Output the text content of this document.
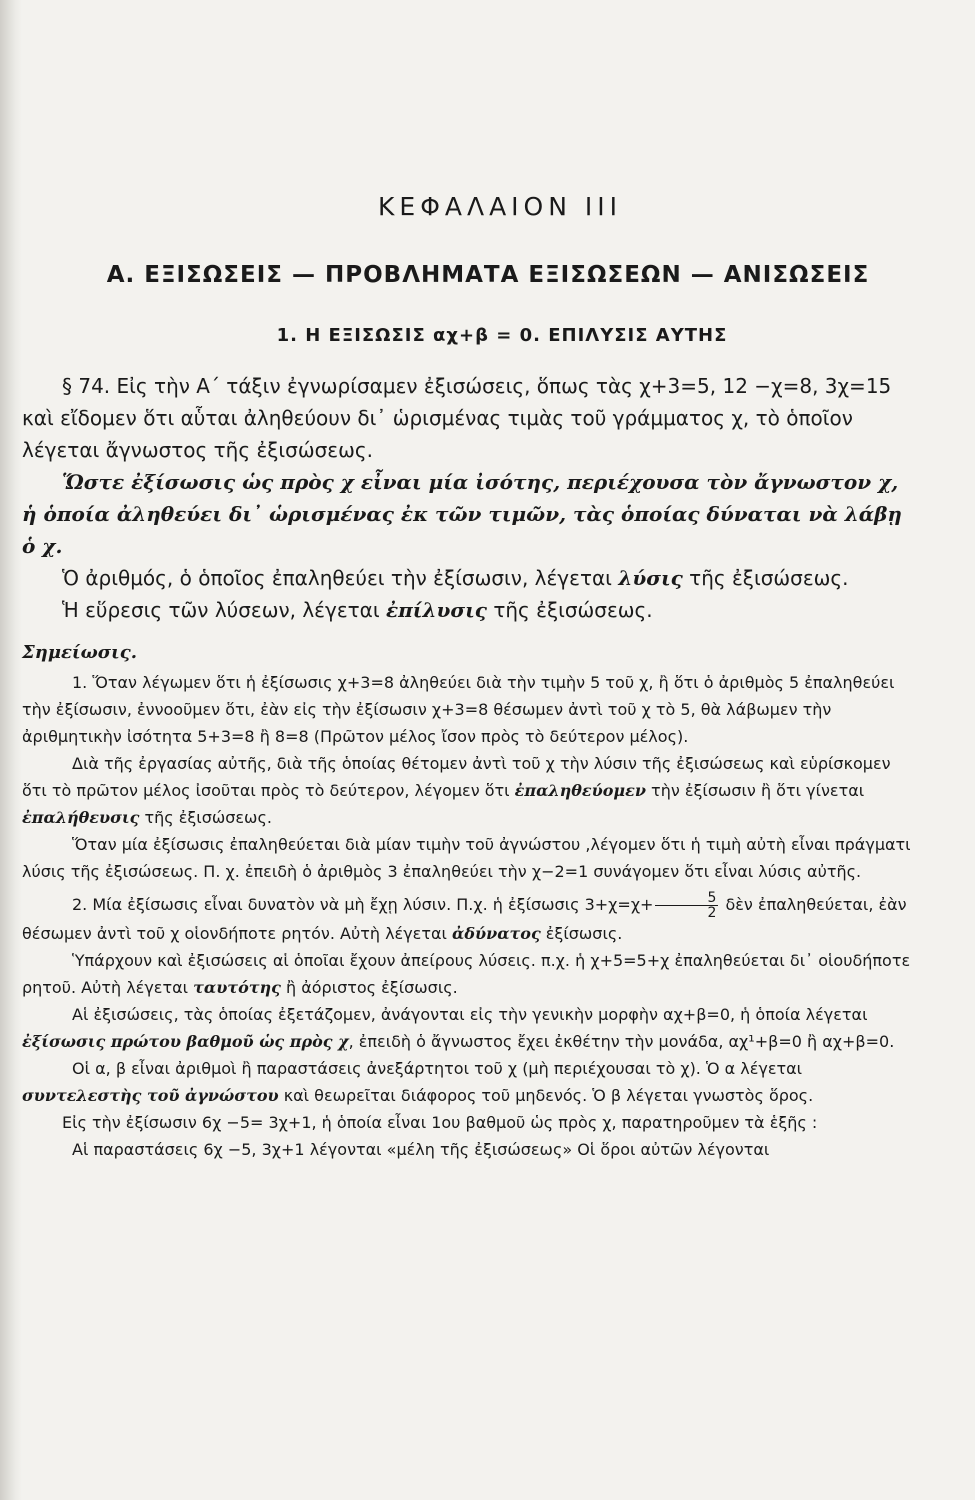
ΚΕΦΑΛΑΙΟΝ ΙΙΙ
Α. ΕΞΙΣΩΣΕΙΣ — ΠΡΟΒΛΗΜΑΤΑ ΕΞΙΣΩΣΕΩΝ — ΑΝΙΣΩΣΕΙΣ
1. Η ΕΞΙΣΩΣΙΣ αχ+β = 0. ΕΠΙΛΥΣΙΣ ΑΥΤΗΣ

§ 74. Εἰς τὴν Α΄ τάξιν ἐγνωρίσαμεν ἐξισώσεις, ὅπως τὰς χ+3=5, 12 −χ=8, 3χ=15 καὶ εἴδομεν ὅτι αὗται ἀληθεύουν δι᾽ ὡρισμένας τιμὰς τοῦ γράμματος χ, τὸ ὁποῖον λέγεται ἄγνωστος τῆς ἐξισώσεως.

Ὥστε ἐξίσωσις ὡς πρὸς χ εἶναι μία ἰσότης, περιέχουσα τὸν ἄγνωστον χ, ἡ ὁποία ἀληθεύει δι᾽ ὡρισμένας ἐκ τῶν τιμῶν, τὰς ὁποίας δύναται νὰ λάβῃ ὁ χ.

Ὁ ἀριθμός, ὁ ὁποῖος ἐπαληθεύει τὴν ἐξίσωσιν, λέγεται λύσις τῆς ἐξισώσεως.

Ἡ εὕρεσις τῶν λύσεων, λέγεται ἐπίλυσις τῆς ἐξισώσεως.

Σημείωσις.

1. Ὅταν λέγωμεν ὅτι ἡ ἐξίσωσις χ+3=8 ἀληθεύει διὰ τὴν τιμὴν 5 τοῦ χ, ἢ ὅτι ὁ ἀριθμὸς 5 ἐπαληθεύει τὴν ἐξίσωσιν, ἐννοοῦμεν ὅτι, ἐὰν εἰς τὴν ἐξίσωσιν χ+3=8 θέσωμεν ἀντὶ τοῦ χ τὸ 5, θὰ λάβωμεν τὴν ἀριθμητικὴν ἰσότητα 5+3=8 ἢ 8=8 (Πρῶτον μέλος ἴσον πρὸς τὸ δεύτερον μέλος).

Διὰ τῆς ἐργασίας αὐτῆς, διὰ τῆς ὁποίας θέτομεν ἀντὶ τοῦ χ τὴν λύσιν τῆς ἐξισώσεως καὶ εὑρίσκομεν ὅτι τὸ πρῶτον μέλος ἰσοῦται πρὸς τὸ δεύτερον, λέγομεν ὅτι ἐπαληθεύομεν τὴν ἐξίσωσιν ἢ ὅτι γίνεται ἐπαλήθευσις τῆς ἐξισώσεως.

Ὅταν μία ἐξίσωσις ἐπαληθεύεται διὰ μίαν τιμὴν τοῦ ἀγνώστου ,λέγομεν ὅτι ἡ τιμὴ αὐτὴ εἶναι πράγματι λύσις τῆς ἐξισώσεως. Π. χ. ἐπειδὴ ὁ ἀριθμὸς 3 ἐπαληθεύει τὴν χ−2=1 συνάγομεν ὅτι εἶναι λύσις αὐτῆς.

2. Μία ἐξίσωσις εἶναι δυνατὸν νὰ μὴ ἔχῃ λύσιν. Π.χ. ἡ ἐξίσωσις $3+\chi=\chi+ \frac{5}{2}$ δὲν ἐπαληθεύεται, ἐὰν θέσωμεν ἀντὶ τοῦ χ οἱονδήποτε ρητόν. Αὐτὴ λέγεται ἀδύνατος ἐξίσωσις.

Ὑπάρχουν καὶ ἐξισώσεις αἱ ὁποῖαι ἔχουν ἀπείρους λύσεις. π.χ. ἡ χ+5=5+χ ἐπαληθεύεται δι᾽ οἱουδήποτε ρητοῦ. Αὐτὴ λέγεται ταυτότης ἢ ἀόριστος ἐξίσωσις.

Αἱ ἐξισώσεις, τὰς ὁποίας ἐξετάζομεν, ἀνάγονται εἰς τὴν γενικὴν μορφὴν αχ+β=0, ἡ ὁποία λέγεται ἐξίσωσις πρώτου βαθμοῦ ὡς πρὸς χ, ἐπειδὴ ὁ ἄγνωστος ἔχει ἐκθέτην τὴν μονάδα, αχ¹+β=0 ἢ αχ+β=0.

Οἱ α, β εἶναι ἀριθμοὶ ἢ παραστάσεις ἀνεξάρτητοι τοῦ χ (μὴ περιέχουσαι τὸ χ). Ὁ α λέγεται συντελεστὴς τοῦ ἀγνώστου καὶ θεωρεῖται διάφορος τοῦ μηδενός. Ὁ β λέγεται γνωστὸς ὅρος.

Εἰς τὴν ἐξίσωσιν 6χ −5= 3χ+1, ἡ ὁποία εἶναι 1ου βαθμοῦ ὡς πρὸς χ, παρατηροῦμεν τὰ ἑξῆς :

Αἱ παραστάσεις 6χ −5, 3χ+1 λέγονται «μέλη τῆς ἐξισώσεως» Οἱ ὅροι αὐτῶν λέγονται
